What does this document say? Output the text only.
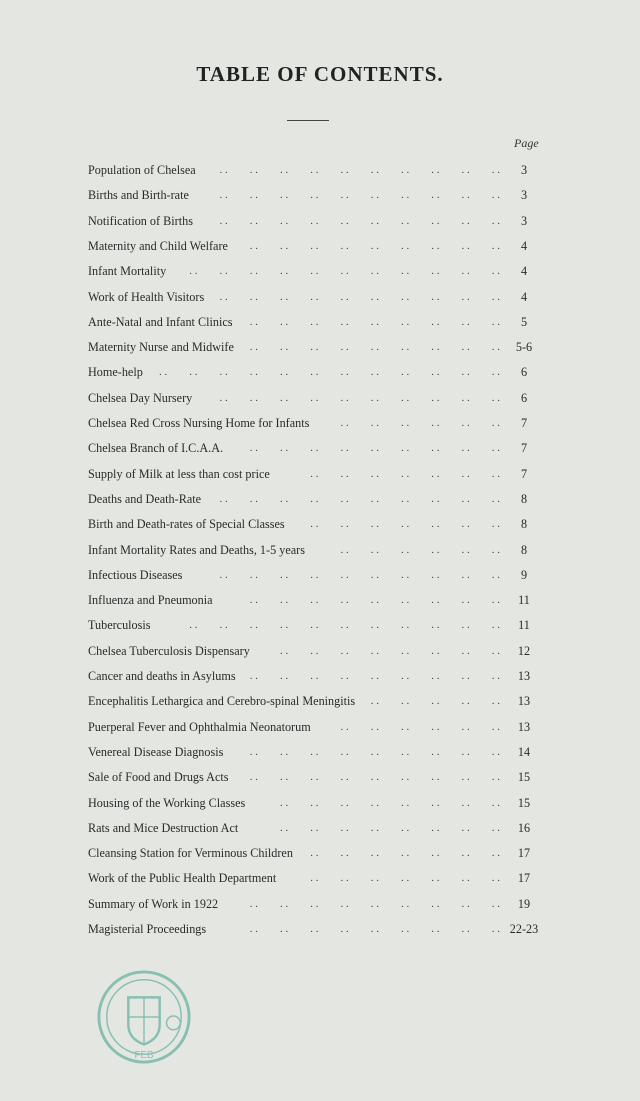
TABLE OF CONTENTS.
Page
Population of Chelsea . .  . .  . .  . .  . .  . .  . .  . .  . .  . .	3
Births and Birth-rate	. .  . .  . .  . .  . .  . .  . .  . .  . .  . .	3
Notification of Births . .  . .  . .  . .  . .  . .  . .  . .  . .  . .	3
Maternity and Child Welfare . .  . .  . .  . .  . .  . .  . .  . .  . .	4
Infant Mortality . .  . .  . .  . .  . .  . .  . .  . .  . .  . .  . .	4
Work of Health Visitors . .  . .  . .  . .  . .  . .  . .  . .  . .  . .	4
Ante-Natal and Infant Clinics . .  . .  . .  . .  . .  . .  . .  . .  . .	5
Maternity Nurse and Midwife . .  . .  . .  . .  . .  . .  . .  . .  . .	5-6
Home-help . .  . .  . .  . .  . .  . .  . .  . .  . .  . .  . .  . .	6
Chelsea Day Nursery . .  . .  . .  . .  . .  . .  . .  . .  . .  . .	6
Chelsea Red Cross Nursing Home for Infants	. .  . .  . .  . .  . .  . .	7
Chelsea Branch of I.C.A.A. . .  . .  . .  . .  . .  . .  . .  . .  . .	7
Supply of Milk at less than cost price	. .  . .  . .  . .  . .  . .  . .	7
Deaths and Death-Rate . .  . .  . .  . .  . .  . .  . .  . .  . .  . .	8
Birth and Death-rates of Special Classes . .  . .  . .  . .  . .  . .  . .	8
Infant Mortality Rates and Deaths, 1-5 years	. .  . .  . .  . .  . .  . .	8
Infectious Diseases	. .  . .  . .  . .  . .  . .  . .  . .  . .  . .	9
Influenza and Pneumonia	. .  . .  . .  . .  . .  . .  . .  . .  . .	11
Tuberculosis	. .  . .  . .  . .  . .  . .  . .  . .  . .  . .  . .	11
Chelsea Tuberculosis Dispensary	. .  . .  . .  . .  . .  . .  . .  . .	12
Cancer and deaths in Asylums . .  . .  . .  . .  . .  . .  . .  . .  . .	13
Encephalitis Lethargica and Cerebro-spinal Meningitis . .  . .  . .  . .  . .	13
Puerperal Fever and Ophthalmia Neonatorum	. .  . .  . .  . .  . .  . .	13
Venereal Disease Diagnosis . .  . .  . .  . .  . .  . .  . .  . .  . .	14
Sale of Food and Drugs Acts . .  . .  . .  . .  . .  . .  . .  . .  . .	15
Housing of the Working Classes	. .  . .  . .  . .  . .  . .  . .  . .	15
Rats and Mice Destruction Act	. .  . .  . .  . .  . .  . .  . .  . .	16
Cleansing Station for Verminous Children . .  . .  . .  . .  . .  . .  . .	17
Work of the Public Health Department	. .  . .  . .  . .  . .  . .  . .	17
Summary of Work in 1922	. .  . .  . .  . .  . .  . .  . .  . .  . .	19
Magisterial Proceedings	. .  . .  . .  . .  . .  . .  . .  . .  . . 22-23
FEB
